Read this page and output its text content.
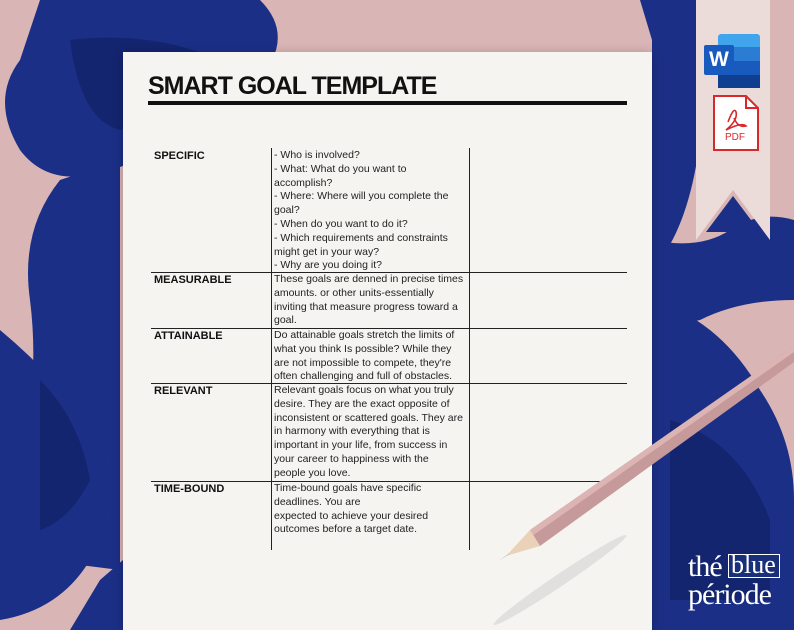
SMART GOAL TEMPLATE
SPECIFIC	- Who is involved?
- What: What do you want to
accomplish?
- Where: Where will you complete the
goal?
- When do you want to do it?
- Which requirements and constraints
might get in your way?
- Why are you doing it?
MEASURABLE	These goals are denned in precise times
amounts. or other units-essentially
inviting that measure progress toward a
goal.
ATTAINABLE	Do attainable goals stretch the limits of
what you think Is possible? While they
are not impossible to compete, they're
often challenging and full of obstacles.
RELEVANT	Relevant goals focus on what you truly
desire. They are the exact opposite of
inconsistent or scattered goals. They are
in harmony with everything that is
important in your life, from success in
your career to happiness with the
people you love.
TIME-BOUND	Time-bound goals have specific
deadlines. You are
expected to achieve your desired
outcomes before a target date.
W
PDF
thé blue
période
